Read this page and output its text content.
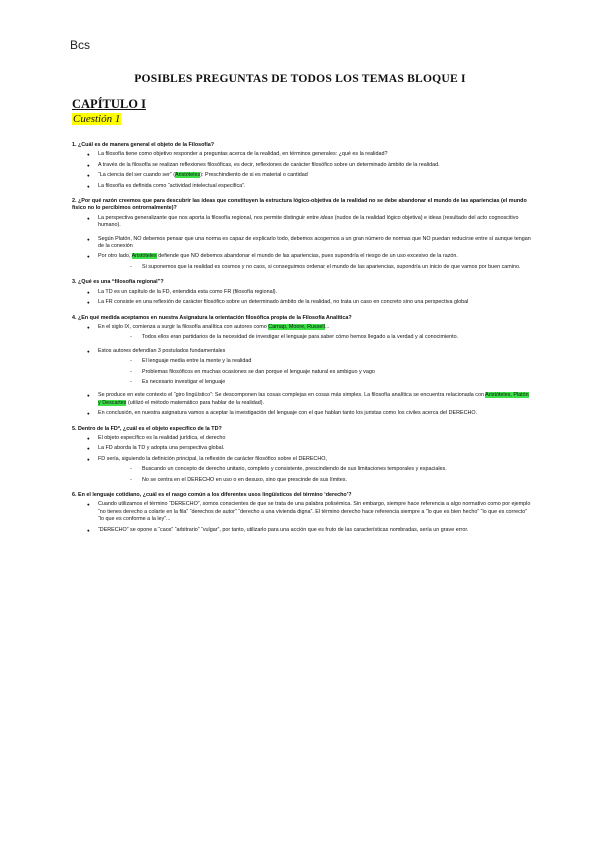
Bcs
POSIBLES PREGUNTAS DE TODOS LOS TEMAS BLOQUE I
CAPÍTULO I
Cuestión 1

1. ¿Cuál es de manera general el objeto de la Filosofía?

● La filosofía tiene como objetivo responder a preguntas acerca de la realidad, en términos generales: ¿qué es la realidad?
● A través de la filosofía se realizan reflexiones filosóficas, es decir, reflexiones de carácter filosófico sobre un determinado ámbito de la realidad.
● “La ciencia del ser cuando ser” (Aristóteles): Preschindiento de si es material o cantidad
● La filosofía es definida como “actividad intelectual especifica”.

2. ¿Por qué razón creemos que para descubrir las ideas que constituyen la estructura lógico-objetiva de la realidad no se debe abandonar el mundo de las apariencias (el mundo fisico no lo percibimos ontrornalmente)?

● La perspectiva generalizante que nos aporta la filosofía regional, nos permite distinguir entre ideas (nudos de la realidad lógico objetiva) e ideas (resultado del acto cognoscitivo humano).
● Según Platón, NO debemos pensar que una norma es capaz de explicarlo todo, debemos acogernos a un gran número de normas que NO puedan reducirse entre sí aunque tengan de la conexión
● Por otro lado, Aristóteles defiende que NO debemos abandonar el mundo de las apariencias, pues supondría el riesgo de un uso excesivo de la razón.
- Si suponemos que la realidad es cosmos y no caos, si conseguimos ordenar el mundo de las apariencias, supondría un inicio de que vamos por buen camino.

3. ¿Qué es una “filosofía regional”?

● La TD es un capítulo de la FD, entendida esta como FR (filosofía regional).
● La FR consiste en una reflexión de carácter filosófico sobre un determinado ámbito de la realidad, no trata un caso en concreto sino una perspectiva global

4. ¿En qué medida aceptamos en nuestra Asignatura la orientación filosófica propia de la Filosofía Analítica?

● En el siglo IX, comienza a surgir la filosofía analítica con autores como Carnap, Moore, Russell...
- Todos ellos eran partidarios de la necesidad de investigar el lenguaje para saber cómo hemos llegado a la verdad y al conocimiento.
● Estos autores defendían 3 postulados fundamentales
- El lenguaje media entre la mente y la realidad
- Problemas filosóficos en muchas ocasiones se dan porque el lenguaje natural es ambiguo y vago
- Es necesario investigar el lenguaje
● Se produce en este contexto el “giro lingüístico”: Se descomponen las cosas complejas en cosas más simples. La filosofía analítica se encuentra relacionada con Aristóteles, Platón y Descartes (utilizó el método matemático para hablar de la realidad).
● En conclusión, en nuestra asignatura vamos a aceptar la investigación del lenguaje con el que hablan tanto los juristas como los civiles acerca del DERECHO.

5. Dentro de la FD*, ¿cuál es el objeto específico de la TD?

● El objeto específico es la realidad jurídica, el derecho
● La FD aborda la TD y adopta una perspectiva global.
● FD sería, siguiendo la definición principal, la reflexión de carácter filosófico sobre el DERECHO,
- Buscando un concepto de derecho unitario, completo y consistente, prescindiendo de sus limitaciones temporales y espaciales.
- No se centra en el DERECHO en uso o en desuso, sino que prescinde de sus límites.

6. En el lenguaje cotidiano, ¿cuál es el rasgo común a los diferentes usos lingüísticos del término ‘derecho’?

● Cuando utilizamos el término “DERECHO”, somos conscientes de que se trata de una palabra polisémica. Sin embargo, siempre hace referencia a algo normativo como por ejemplo “no tienes derecho a colarte en la fila” “derechos de autor” “derecho a una vivienda digna”. El término derecho hace referencia siempre a “lo que es bien hecho” “lo que es correcto” “lo que es conforme a la ley”...
● “DERECHO” se opone a “caos” “arbitrario” “vulgar”, por tanto, utilizarlo para una acción que es fruto de las características nombradas, sería un grave error.
